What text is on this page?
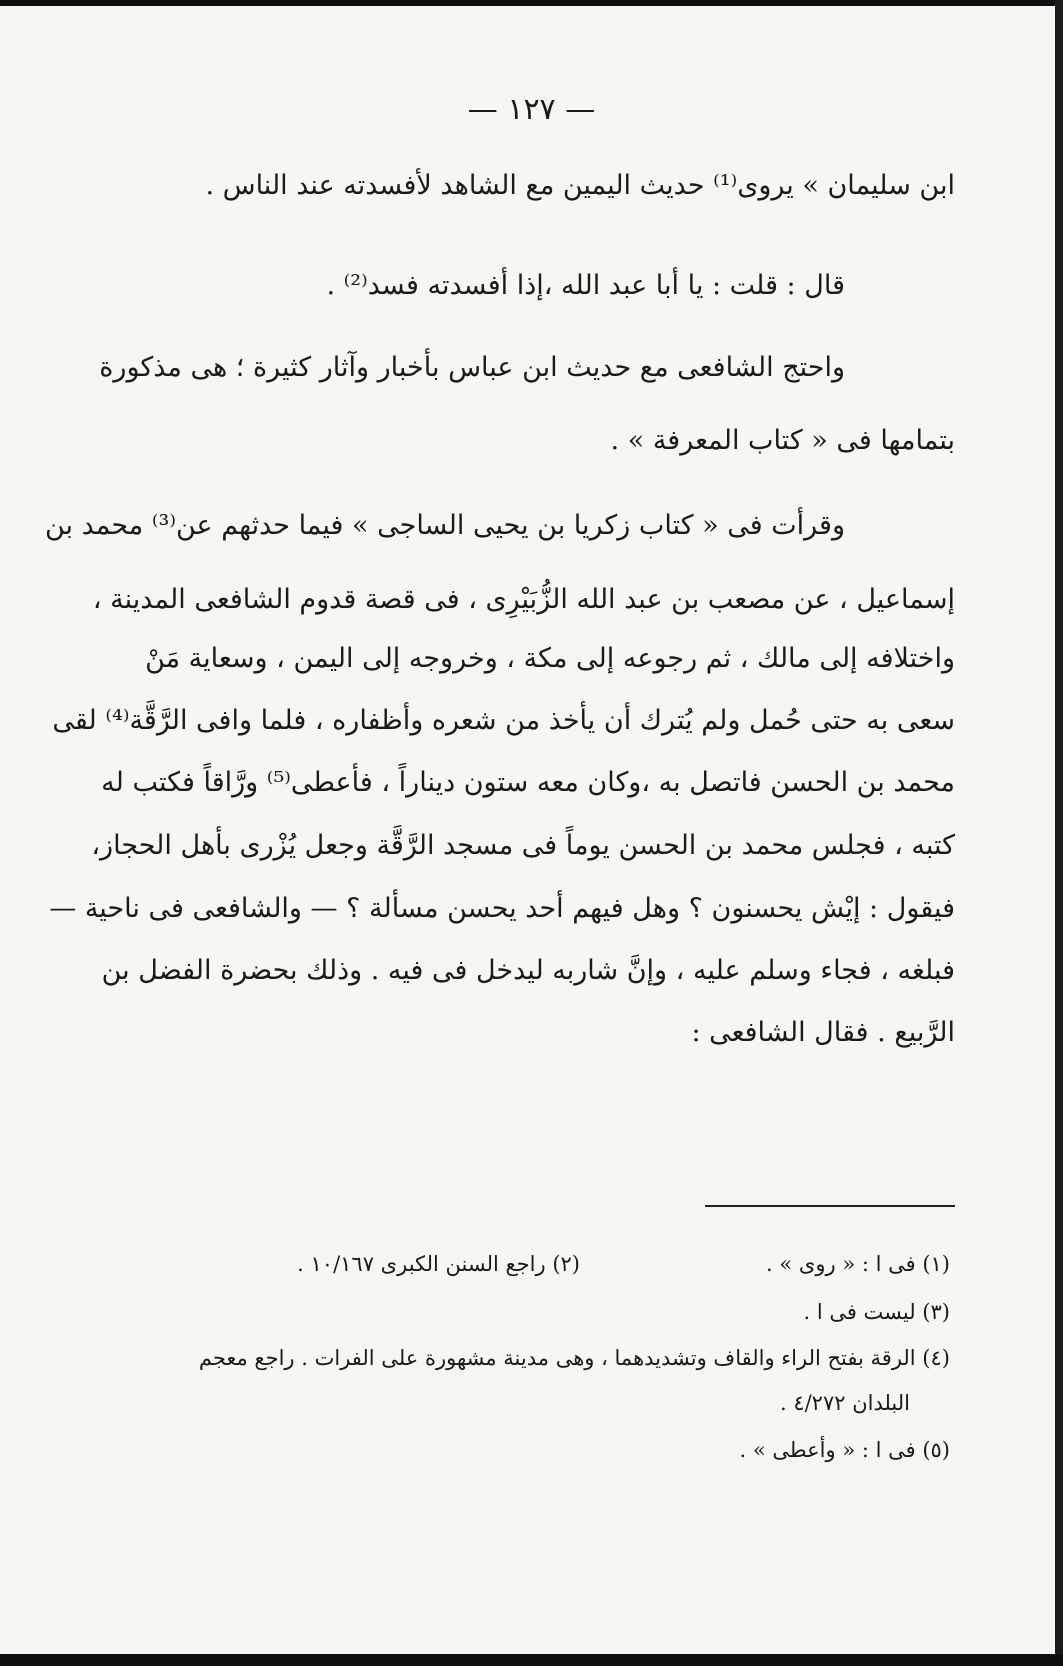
— ١٢٧ —
ابن سليمان » يروى⁽¹⁾ حديث اليمين مع الشاهد لأفسدته عند الناس .
قال : قلت : يا أبا عبد الله ،إذا أفسدته فسد⁽²⁾ .
واحتج الشافعى مع حديث ابن عباس بأخبار وآثار كثيرة ؛ هى مذكورة
بتمامها فى « كتاب المعرفة » .
وقرأت فى « كتاب زكريا بن يحيى الساجى » فيما حدثهم عن⁽³⁾ محمد بن
إسماعيل ، عن مصعب بن عبد الله الزُّبَيْرِى ، فى قصة قدوم الشافعى المدينة ،
واختلافه إلى مالك ، ثم رجوعه إلى مكة ، وخروجه إلى اليمن ، وسعاية مَنْ
سعى به حتى حُمل ولم يُترك أن يأخذ من شعره وأظفاره ، فلما وافى الرَّقَّة⁽⁴⁾ لقى
محمد بن الحسن فاتصل به ،وكان معه ستون ديناراً ، فأعطى⁽⁵⁾ ورَّاقاً فكتب له
كتبه ، فجلس محمد بن الحسن يوماً فى مسجد الرَّقَّة وجعل يُزْرى بأهل الحجاز،
فيقول : إيْش يحسنون ؟ وهل فيهم أحد يحسن مسألة ؟ — والشافعى فى ناحية —
فبلغه ، فجاء وسلم عليه ، وإنَّ شاربه ليدخل فى فيه . وذلك بحضرة الفضل بن
الرَّبيع . فقال الشافعى :
(١) فى ا : « روى » .
(٢) راجع السنن الكبرى ١٠/١٦٧ .
(٣) ليست فى ا .
(٤) الرقة بفتح الراء والقاف وتشديدهما ، وهى مدينة مشهورة على الفرات . راجع معجم
البلدان ٤/٢٧٢ .
(٥) فى ا : « وأعطى » .
